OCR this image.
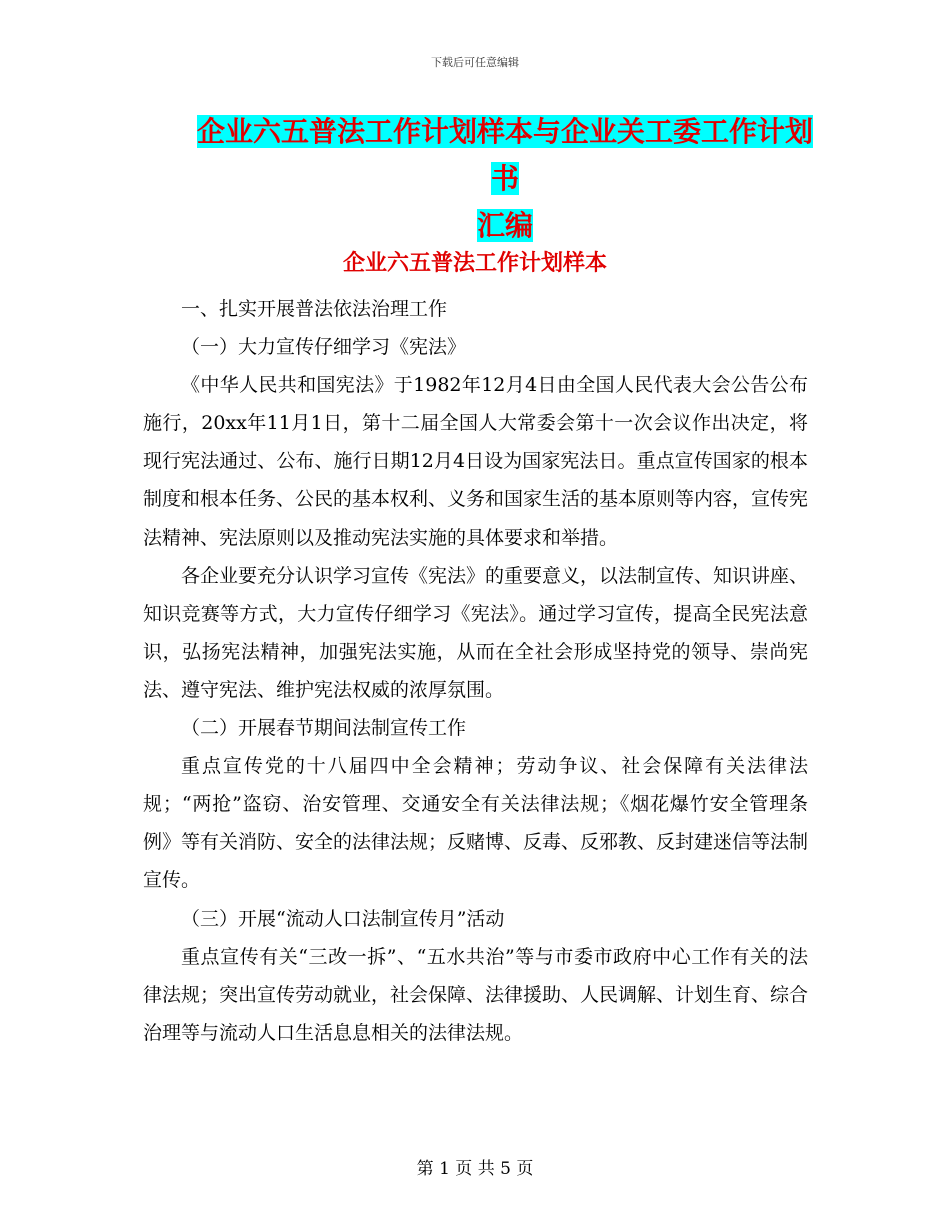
下载后可任意编辑
企业六五普法工作计划样本与企业关工委工作计划书
汇编
企业六五普法工作计划样本

一、扎实开展普法依法治理工作

（一）大力宣传仔细学习《宪法》

《中华人民共和国宪法》于1982年12月4日由全国人民代表大会公告公布施行，20xx年11月1日，第十二届全国人大常委会第十一次会议作出决定，将现行宪法通过、公布、施行日期12月4日设为国家宪法日。重点宣传国家的根本制度和根本任务、公民的基本权利、义务和国家生活的基本原则等内容，宣传宪法精神、宪法原则以及推动宪法实施的具体要求和举措。

各企业要充分认识学习宣传《宪法》的重要意义，以法制宣传、知识讲座、知识竞赛等方式，大力宣传仔细学习《宪法》。通过学习宣传，提高全民宪法意识，弘扬宪法精神，加强宪法实施，从而在全社会形成坚持党的领导、崇尚宪法、遵守宪法、维护宪法权威的浓厚氛围。

（二）开展春节期间法制宣传工作

重点宣传党的十八届四中全会精神；劳动争议、社会保障有关法律法规；“两抢”盗窃、治安管理、交通安全有关法律法规；《烟花爆竹安全管理条例》等有关消防、安全的法律法规；反赌博、反毒、反邪教、反封建迷信等法制宣传。

（三）开展“流动人口法制宣传月”活动

重点宣传有关“三改一拆”、“五水共治”等与市委市政府中心工作有关的法律法规；突出宣传劳动就业，社会保障、法律援助、人民调解、计划生育、综合治理等与流动人口生活息息相关的法律法规。

第 1 页 共 5 页
